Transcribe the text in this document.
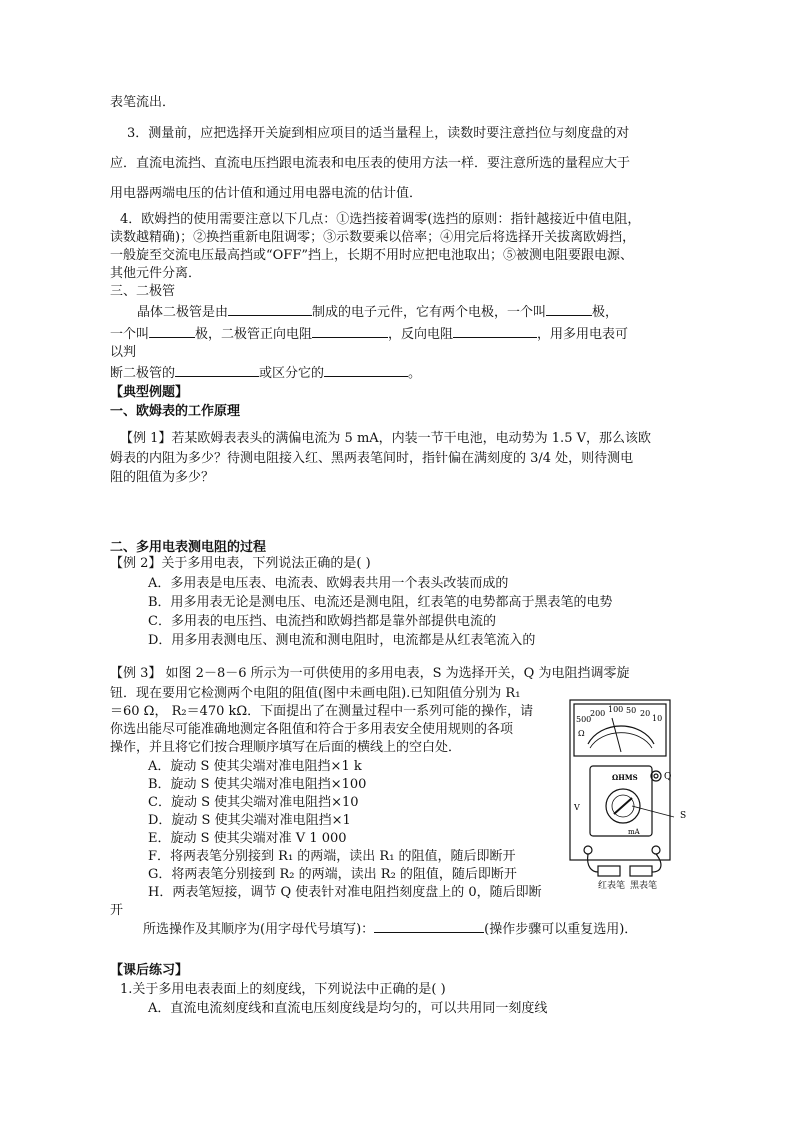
表笔流出．
3．测量前，应把选择开关旋到相应项目的适当量程上，读数时要注意挡位与刻度盘的对
应．直流电流挡、直流电压挡跟电流表和电压表的使用方法一样．要注意所选的量程应大于
用电器两端电压的估计值和通过用电器电流的估计值．
4．欧姆挡的使用需要注意以下几点：①选挡接着调零(选挡的原则：指针越接近中值电阻，
读数越精确)；②换挡重新电阻调零；③示数要乘以倍率；④用完后将选择开关拔离欧姆挡，
一般旋至交流电压最高挡或“OFF”挡上，长期不用时应把电池取出；⑤被测电阻要跟电源、
其他元件分离．
三、二极管
晶体二极管是由	制成的电子元件，它有两个电极，一个叫	极，
一个叫	极，二极管正向电阻	，反向电阻	，用多用电表可
以判
断二极管的	或区分它的	。
【典型例题】
一、欧姆表的工作原理
【例 1】若某欧姆表表头的满偏电流为 5 mA，内装一节干电池，电动势为 1.5 V，那么该欧
姆表的内阻为多少？待测电阻接入红、黑两表笔间时，指针偏在满刻度的 3/4 处，则待测电
阻的阻值为多少？
二、多用电表测电阻的过程
【例 2】关于多用电表，下列说法正确的是( )
A．多用表是电压表、电流表、欧姆表共用一个表头改装而成的
B．用多用表无论是测电压、电流还是测电阻，红表笔的电势都高于黑表笔的电势
C．多用表的电压挡、电流挡和欧姆挡都是靠外部提供电流的
D．用多用表测电压、测电流和测电阻时，电流都是从红表笔流入的
【例 3】 如图 2－8－6 所示为一可供使用的多用电表，S 为选择开关，Q 为电阻挡调零旋
钮．现在要用它检测两个电阻的阻值(图中未画电阻).已知阻值分别为 R₁
＝60 Ω， R₂＝470 kΩ．下面提出了在测量过程中一系列可能的操作，请
你选出能尽可能准确地测定各阻值和符合于多用表安全使用规则的各项
操作，并且将它们按合理顺序填写在后面的横线上的空白处．
A．旋动 S 使其尖端对准电阻挡×1 k
B．旋动 S 使其尖端对准电阻挡×100
C．旋动 S 使其尖端对准电阻挡×10
D．旋动 S 使其尖端对准电阻挡×1
E．旋动 S 使其尖端对准 V 1 000
F．将两表笔分别接到 R₁ 的两端，读出 R₁ 的阻值，随后即断开
G．将两表笔分别接到 R₂ 的两端，读出 R₂ 的阻值，随后即断开
H．两表笔短接，调节 Q 使表针对准电阻挡刻度盘上的 0，随后即断
开
所选操作及其顺序为(用字母代号填写)：	(操作步骤可以重复选用)．
【课后练习】
1.关于多用电表表面上的刻度线，下列说法中正确的是( )
A．直流电流刻度线和直流电压刻度线是均匀的，可以共用同一刻度线
500
200 100 50 20
10
Ω
ΩHMS
V
mA
S
Q
红表笔 黑表笔
